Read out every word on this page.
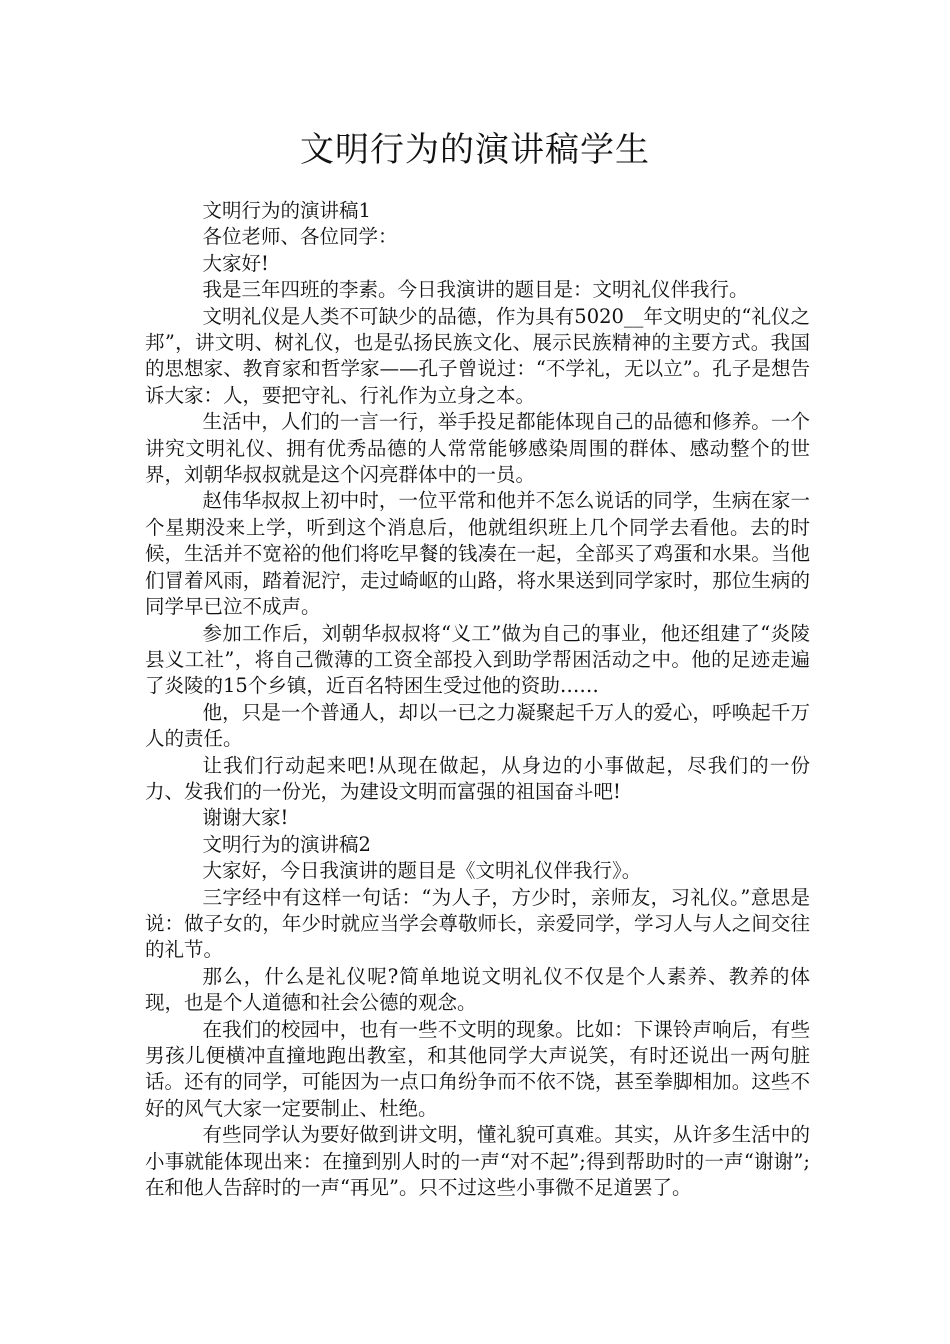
文明行为的演讲稿学生

文明行为的演讲稿1

各位老师、各位同学：

大家好!

我是三年四班的李素。今日我演讲的题目是：文明礼仪伴我行。

文明礼仪是人类不可缺少的品德，作为具有5020__年文明史的“礼仪之邦”，讲文明、树礼仪，也是弘扬民族文化、展示民族精神的主要方式。我国的思想家、教育家和哲学家——孔子曾说过：“不学礼，无以立”。孔子是想告诉大家：人，要把守礼、行礼作为立身之本。

生活中，人们的一言一行，举手投足都能体现自己的品德和修养。一个讲究文明礼仪、拥有优秀品德的人常常能够感染周围的群体、感动整个的世界，刘朝华叔叔就是这个闪亮群体中的一员。

赵伟华叔叔上初中时，一位平常和他并不怎么说话的同学，生病在家一个星期没来上学，听到这个消息后，他就组织班上几个同学去看他。去的时候，生活并不宽裕的他们将吃早餐的钱凑在一起，全部买了鸡蛋和水果。当他们冒着风雨，踏着泥泞，走过崎岖的山路，将水果送到同学家时，那位生病的同学早已泣不成声。

参加工作后，刘朝华叔叔将“义工”做为自己的事业，他还组建了“炎陵县义工社”，将自己微薄的工资全部投入到助学帮困活动之中。他的足迹走遍了炎陵的15个乡镇，近百名特困生受过他的资助……

他，只是一个普通人，却以一已之力凝聚起千万人的爱心，呼唤起千万人的责任。

让我们行动起来吧!从现在做起，从身边的小事做起，尽我们的一份力、发我们的一份光，为建设文明而富强的祖国奋斗吧!

谢谢大家!

文明行为的演讲稿2

大家好，今日我演讲的题目是《文明礼仪伴我行》。

三字经中有这样一句话：“为人子，方少时，亲师友，习礼仪。”意思是说：做子女的，年少时就应当学会尊敬师长，亲爱同学，学习人与人之间交往的礼节。

那么，什么是礼仪呢?简单地说文明礼仪不仅是个人素养、教养的体现，也是个人道德和社会公德的观念。

在我们的校园中，也有一些不文明的现象。比如：下课铃声响后，有些男孩儿便横冲直撞地跑出教室，和其他同学大声说笑，有时还说出一两句脏话。还有的同学，可能因为一点口角纷争而不依不饶，甚至拳脚相加。这些不好的风气大家一定要制止、杜绝。

有些同学认为要好做到讲文明，懂礼貌可真难。其实，从许多生活中的小事就能体现出来：在撞到别人时的一声“对不起”;得到帮助时的一声“谢谢”;在和他人告辞时的一声“再见”。只不过这些小事微不足道罢了。
